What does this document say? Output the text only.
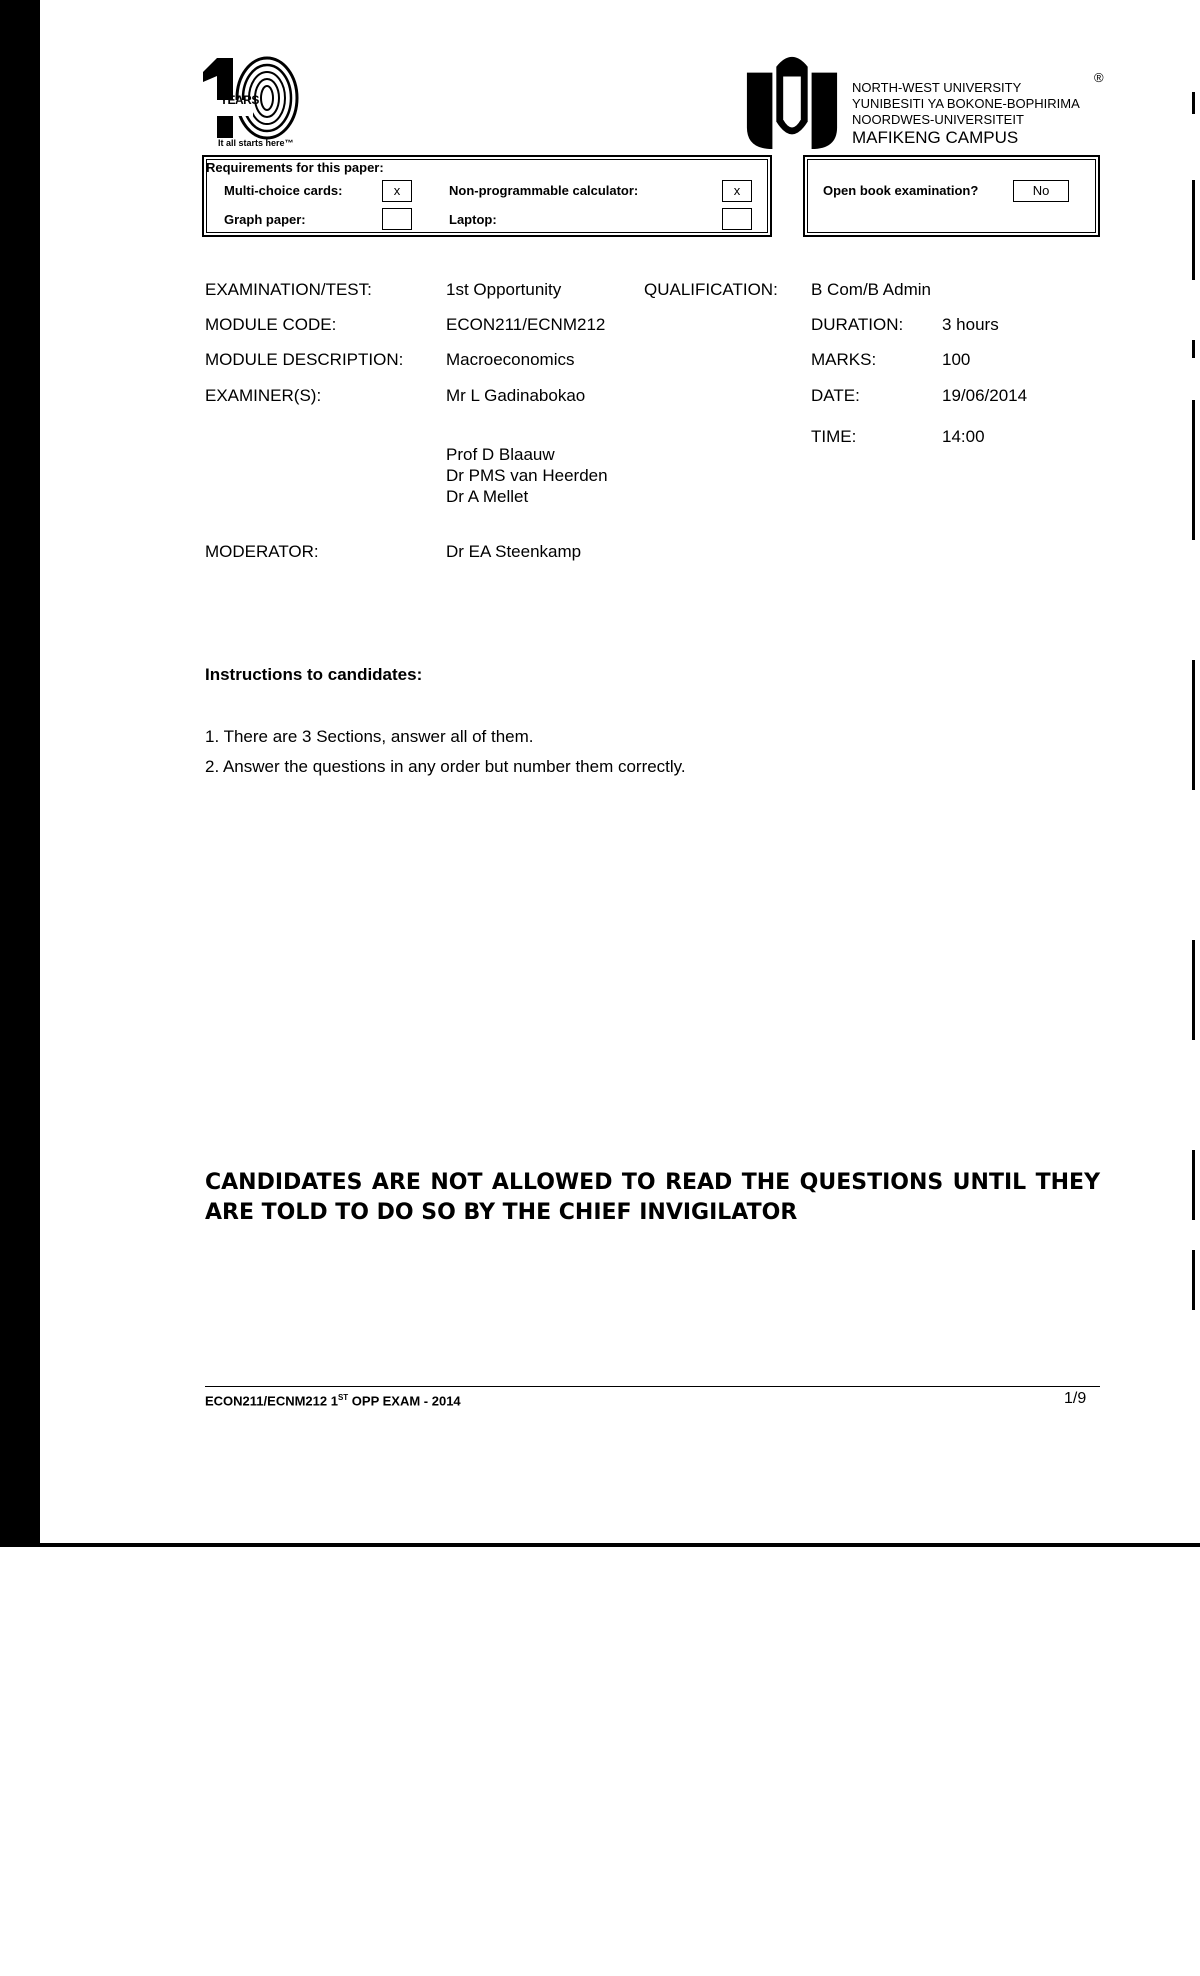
YEARS
It all starts here™
NORTH-WEST UNIVERSITY
YUNIBESITI YA BOKONE-BOPHIRIMA
NOORDWES-UNIVERSITEIT
MAFIKENG CAMPUS
®
Requirements for this paper:
Multi-choice cards:	x	Non-programmable calculator:	x
Graph paper:	Laptop:
Open book examination?	No
EXAMINATION/TEST:	1st Opportunity	QUALIFICATION: B Com/B Admin
MODULE CODE:	ECON211/ECNM212	DURATION: 3 hours
MODULE DESCRIPTION:	Macroeconomics	MARKS:	100
EXAMINER(S):	Mr L Gadinabokao	DATE:	19/06/2014
TIME:	14:00
Prof D Blaauw
Dr PMS van Heerden
Dr A Mellet
MODERATOR:	Dr EA Steenkamp
Instructions to candidates:
1. There are 3 Sections, answer all of them.
2. Answer the questions in any order but number them correctly.
CANDIDATES ARE NOT ALLOWED TO READ THE QUESTIONS UNTIL THEY ARE TOLD TO DO SO BY THE CHIEF INVIGILATOR
ECON211/ECNM212 1ST OPP EXAM - 2014	1/9
